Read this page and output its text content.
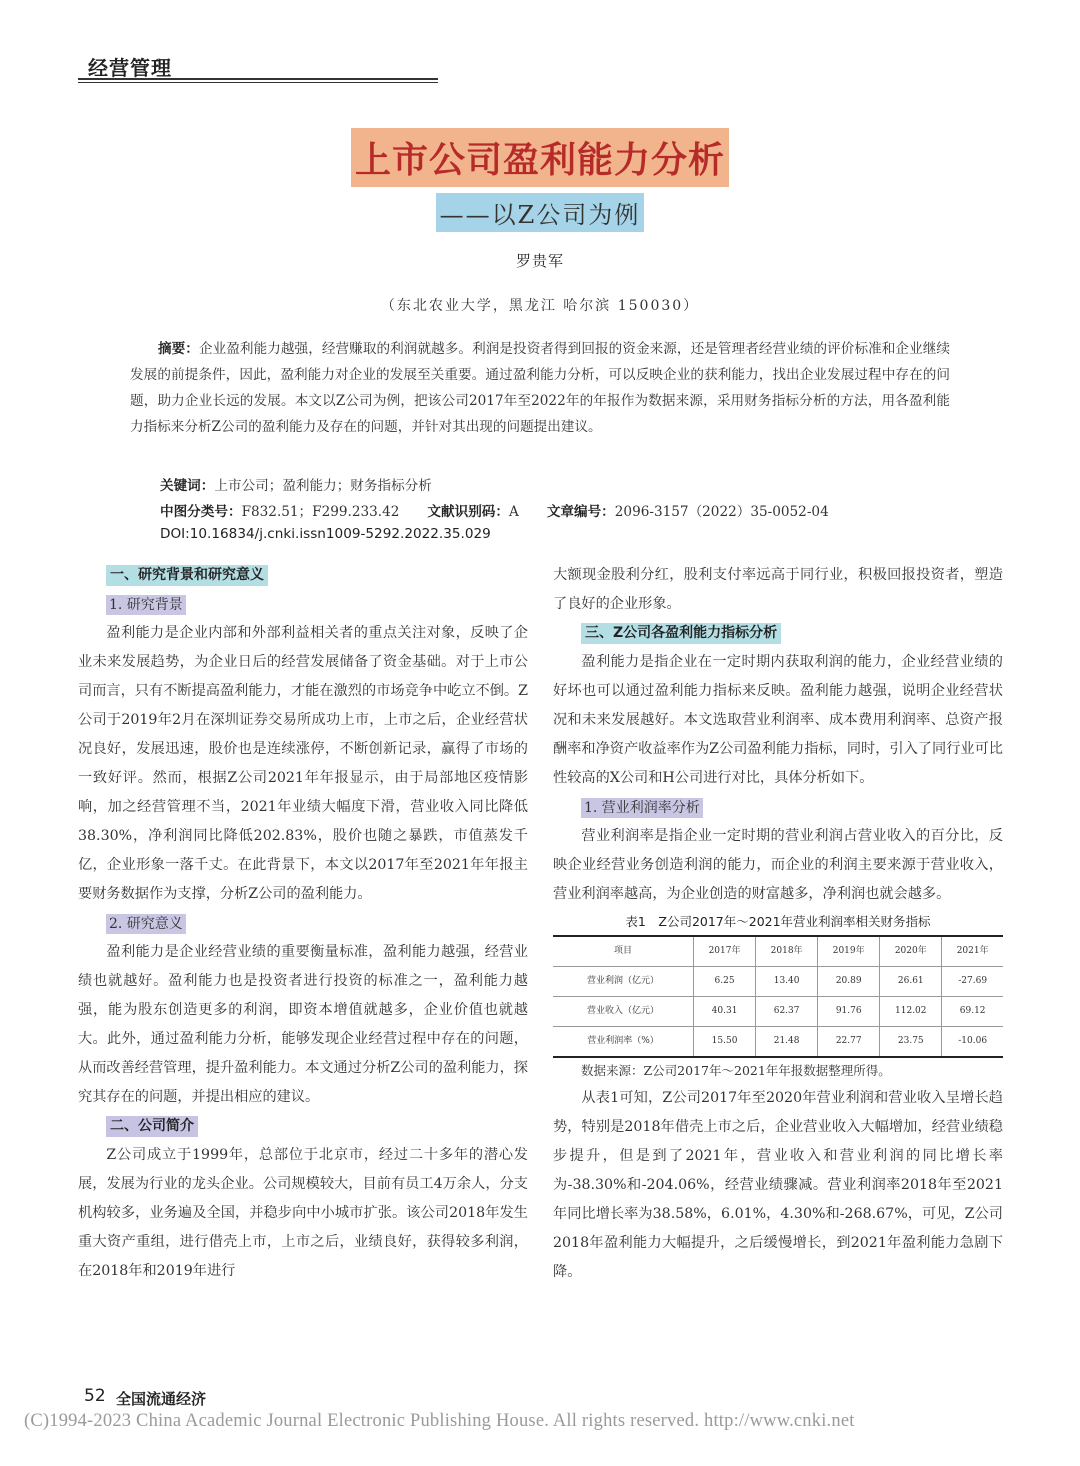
经营管理
上市公司盈利能力分析
——以Z公司为例
罗贵军
（东北农业大学，黑龙江 哈尔滨 150030）
摘要：企业盈利能力越强，经营赚取的利润就越多。利润是投资者得到回报的资金来源，还是管理者经营业绩的评价标准和企业继续发展的前提条件，因此，盈利能力对企业的发展至关重要。通过盈利能力分析，可以反映企业的获利能力，找出企业发展过程中存在的问题，助力企业长远的发展。本文以Z公司为例，把该公司2017年至2022年的年报作为数据来源，采用财务指标分析的方法，用各盈利能力指标来分析Z公司的盈利能力及存在的问题，并针对其出现的问题提出建议。
关键词：上市公司；盈利能力；财务指标分析
中图分类号：F832.51；F299.233.42 文献识别码：A 文章编号：2096-3157（2022）35-0052-04
DOI:10.16834/j.cnki.issn1009-5292.2022.35.029
一、研究背景和研究意义
1. 研究背景

盈利能力是企业内部和外部利益相关者的重点关注对象，反映了企业未来发展趋势，为企业日后的经营发展储备了资金基础。对于上市公司而言，只有不断提高盈利能力，才能在激烈的市场竞争中屹立不倒。Z公司于2019年2月在深圳证券交易所成功上市，上市之后，企业经营状况良好，发展迅速，股价也是连续涨停，不断创新记录，赢得了市场的一致好评。然而，根据Z公司2021年年报显示，由于局部地区疫情影响，加之经营管理不当，2021年业绩大幅度下滑，营业收入同比降低38.30%，净利润同比降低202.83%，股价也随之暴跌，市值蒸发千亿，企业形象一落千丈。在此背景下，本文以2017年至2021年年报主要财务数据作为支撑，分析Z公司的盈利能力。

2. 研究意义

盈利能力是企业经营业绩的重要衡量标准，盈利能力越强，经营业绩也就越好。盈利能力也是投资者进行投资的标准之一，盈利能力越强，能为股东创造更多的利润，即资本增值就越多，企业价值也就越大。此外，通过盈利能力分析，能够发现企业经营过程中存在的问题，从而改善经营管理，提升盈利能力。本文通过分析Z公司的盈利能力，探究其存在的问题，并提出相应的建议。

二、公司简介

Z公司成立于1999年，总部位于北京市，经过二十多年的潜心发展，发展为行业的龙头企业。公司规模较大，目前有员工4万余人，分支机构较多，业务遍及全国，并稳步向中小城市扩张。该公司2018年发生重大资产重组，进行借壳上市，上市之后，业绩良好，获得较多利润，在2018年和2019年进行

大额现金股利分红，股利支付率远高于同行业，积极回报投资者，塑造了良好的企业形象。

三、Z公司各盈利能力指标分析

盈利能力是指企业在一定时期内获取利润的能力，企业经营业绩的好坏也可以通过盈利能力指标来反映。盈利能力越强，说明企业经营状况和未来发展越好。本文选取营业利润率、成本费用利润率、总资产报酬率和净资产收益率作为Z公司盈利能力指标，同时，引入了同行业可比性较高的X公司和H公司进行对比，具体分析如下。

1. 营业利润率分析

营业利润率是指企业一定时期的营业利润占营业收入的百分比，反映企业经营业务创造利润的能力，而企业的利润主要来源于营业收入，营业利润率越高，为企业创造的财富越多，净利润也就会越多。

表1　Z公司2017年～2021年营业利润率相关财务指标
项目	2017年	2018年	2019年	2020年	2021年
营业利润（亿元）	6.25	13.40	20.89	26.61	-27.69
营业收入（亿元）	40.31	62.37	91.76	112.02	69.12
营业利润率（%）	15.50	21.48	22.77	23.75	-10.06
数据来源：Z公司2017年～2021年年报数据整理所得。

从表1可知，Z公司2017年至2020年营业利润和营业收入呈增长趋势，特别是2018年借壳上市之后，企业营业收入大幅增加，经营业绩稳步提升，但是到了2021年，营业收入和营业利润的同比增长率为-38.30%和-204.06%，经营业绩骤减。营业利润率2018年至2021年同比增长率为38.58%，6.01%，4.30%和-268.67%，可见，Z公司2018年盈利能力大幅提升，之后缓慢增长，到2021年盈利能力急剧下降。

52 全国流通经济
(C)1994-2023 China Academic Journal Electronic Publishing House. All rights reserved. http://www.cnki.net
